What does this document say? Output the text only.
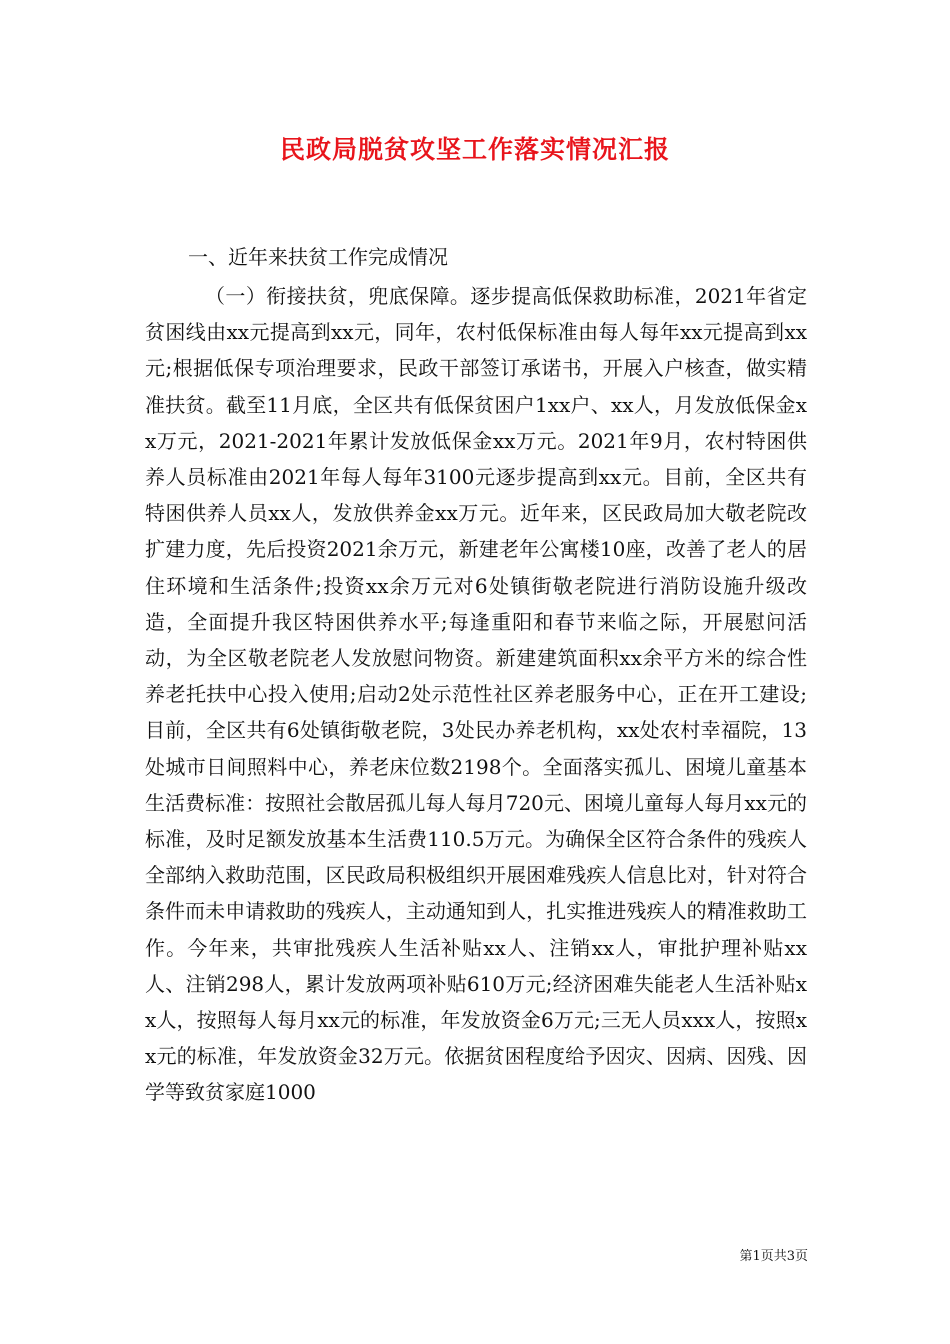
民政局脱贫攻坚工作落实情况汇报

一、近年来扶贫工作完成情况

（一）衔接扶贫，兜底保障。逐步提高低保救助标准，2021年省定贫困线由xx元提高到xx元，同年，农村低保标准由每人每年xx元提高到xx元;根据低保专项治理要求，民政干部签订承诺书，开展入户核查，做实精准扶贫。截至11月底，全区共有低保贫困户1xx户、xx人，月发放低保金xx万元，2021-2021年累计发放低保金xx万元。2021年9月，农村特困供养人员标准由2021年每人每年3100元逐步提高到xx元。目前，全区共有特困供养人员xx人，发放供养金xx万元。近年来，区民政局加大敬老院改扩建力度，先后投资2021余万元，新建老年公寓楼10座，改善了老人的居住环境和生活条件;投资xx余万元对6处镇街敬老院进行消防设施升级改造，全面提升我区特困供养水平;每逢重阳和春节来临之际，开展慰问活动，为全区敬老院老人发放慰问物资。新建建筑面积xx余平方米的综合性养老托扶中心投入使用;启动2处示范性社区养老服务中心，正在开工建设;目前，全区共有6处镇街敬老院，3处民办养老机构，xx处农村幸福院，13处城市日间照料中心，养老床位数2198个。全面落实孤儿、困境儿童基本生活费标准：按照社会散居孤儿每人每月720元、困境儿童每人每月xx元的标准，及时足额发放基本生活费110.5万元。为确保全区符合条件的残疾人全部纳入救助范围，区民政局积极组织开展困难残疾人信息比对，针对符合条件而未申请救助的残疾人，主动通知到人，扎实推进残疾人的精准救助工作。今年来，共审批残疾人生活补贴xx人、注销xx人，审批护理补贴xx人、注销298人，累计发放两项补贴610万元;经济困难失能老人生活补贴xx人，按照每人每月xx元的标准，年发放资金6万元;三无人员xxx人，按照xx元的标准，年发放资金32万元。依据贫困程度给予因灾、因病、因残、因学等致贫家庭1000

第1页共3页
